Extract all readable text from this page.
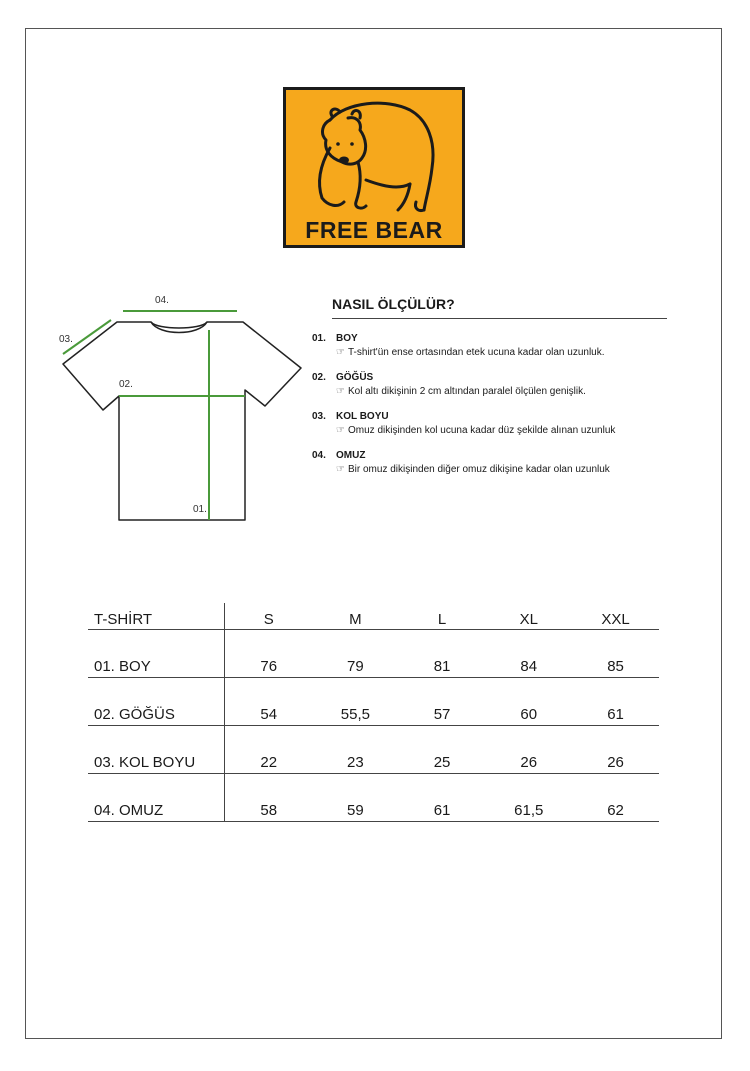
FREE BEAR
04.
03.
02.
01.
NASIL ÖLÇÜLÜR?
01. BOY
☞ T-shirt'ün ense ortasından etek ucuna kadar olan uzunluk.
02. GÖĞÜS
☞ Kol altı dikişinin 2 cm altından paralel ölçülen genişlik.
03. KOL BOYU
☞ Omuz dikişinden kol ucuna kadar düz şekilde alınan uzunluk
04. OMUZ
☞ Bir omuz dikişinden diğer omuz dikişine kadar olan uzunluk
T-SHİRT	S	M	L	XL	XXL
01. BOY	76	79	81	84	85
02. GÖĞÜS	54	55,5	57	60	61
03. KOL BOYU	22	23	25	26	26
04. OMUZ	58	59	61	61,5	62
